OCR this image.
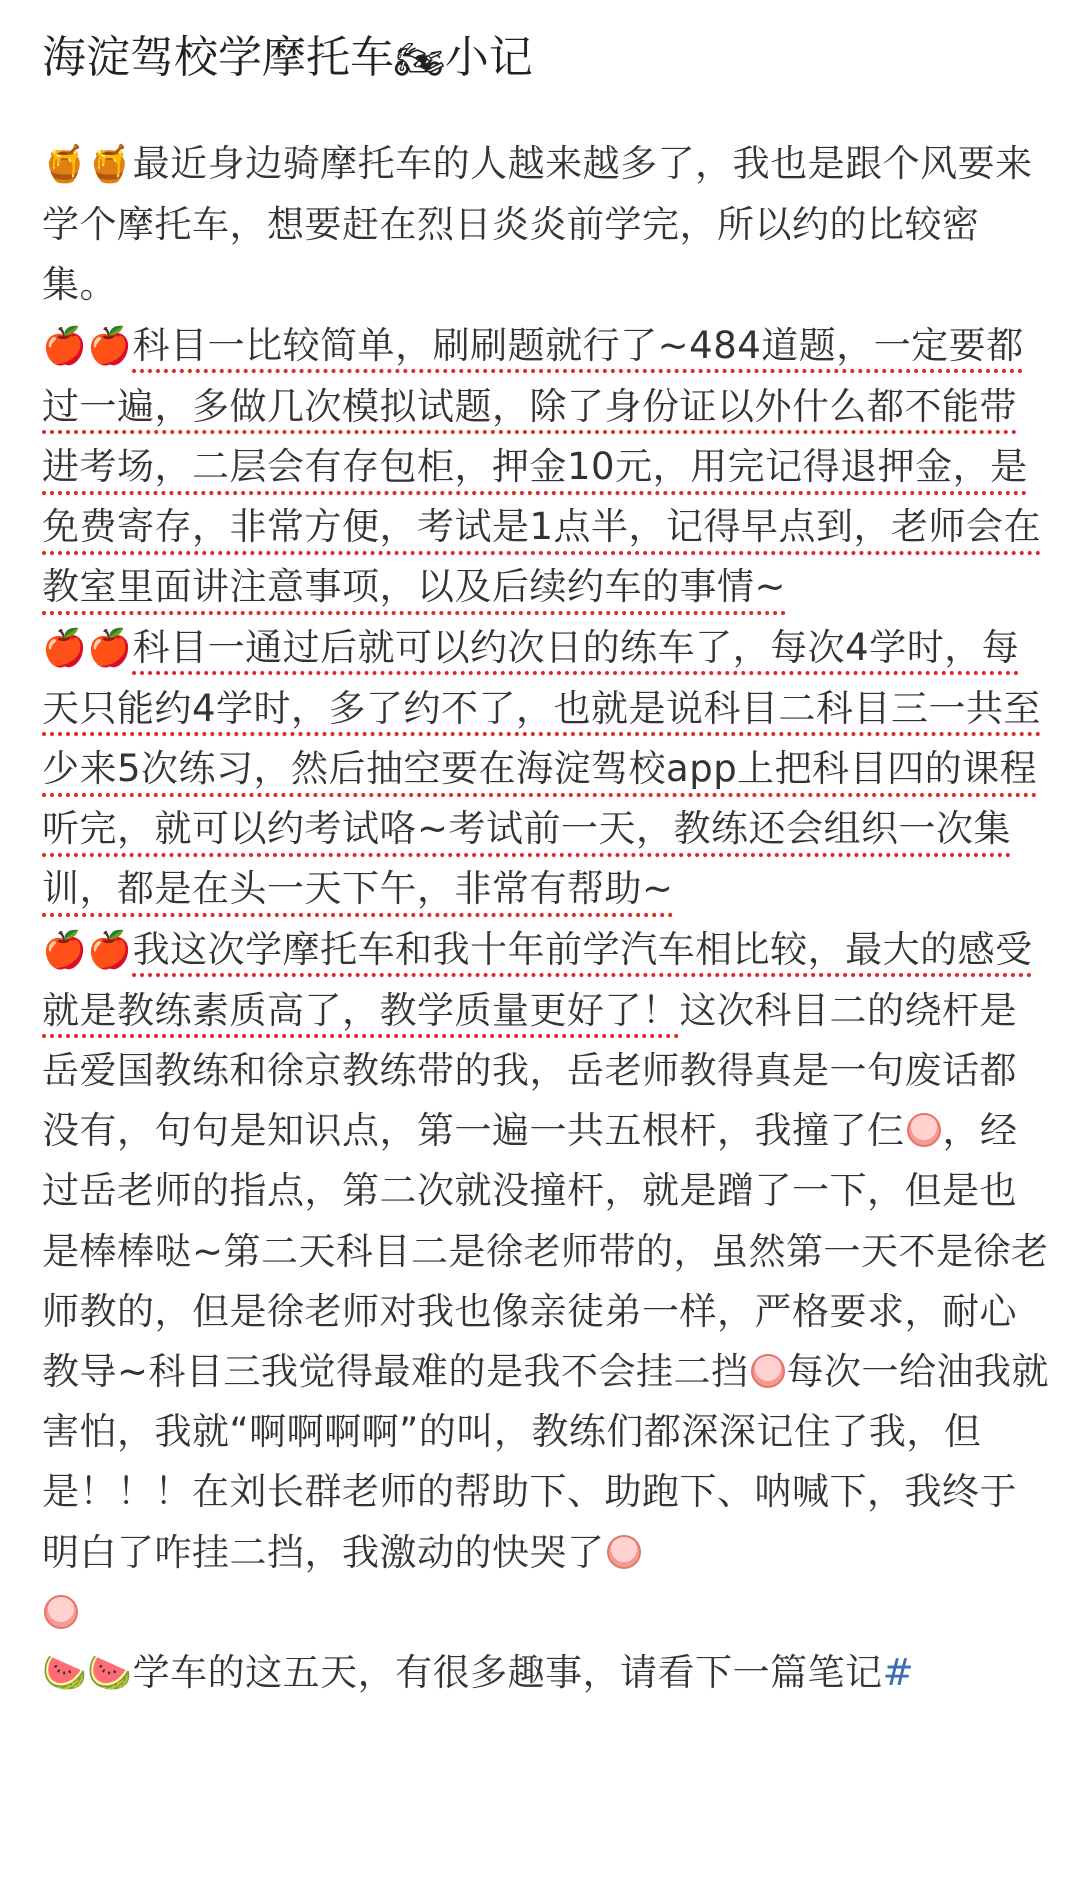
海淀驾校学摩托车🏍小记

🍯🍯最近身边骑摩托车的人越来越多了，我也是跟个风要来学个摩托车，想要赶在烈日炎炎前学完，所以约的比较密集。

🍎🍎科目一比较简单，刷刷题就行了~484道题，一定要都过一遍，多做几次模拟试题，除了身份证以外什么都不能带进考场，二层会有存包柜，押金10元，用完记得退押金，是免费寄存，非常方便，考试是1点半，记得早点到，老师会在教室里面讲注意事项，以及后续约车的事情~

🍎🍎科目一通过后就可以约次日的练车了，每次4学时，每天只能约4学时，多了约不了，也就是说科目二科目三一共至少来5次练习，然后抽空要在海淀驾校app上把科目四的课程听完，就可以约考试咯~考试前一天，教练还会组织一次集训，都是在头一天下午，非常有帮助~

🍎🍎我这次学摩托车和我十年前学汽车相比较，最大的感受就是教练素质高了，教学质量更好了！这次科目二的绕杆是岳爱国教练和徐京教练带的我，岳老师教得真是一句废话都没有，句句是知识点，第一遍一共五根杆，我撞了仨 ，经过岳老师的指点，第二次就没撞杆，就是蹭了一下，但是也是棒棒哒~第二天科目二是徐老师带的，虽然第一天不是徐老师教的，但是徐老师对我也像亲徒弟一样，严格要求，耐心教导~科目三我觉得最难的是我不会挂二挡 每次一给油我就害怕，我就“啊啊啊啊”的叫，教练们都深深记住了我，但是！！！在刘长群老师的帮助下、助跑下、呐喊下，我终于明白了咋挂二挡，我激动的快哭了

🍉🍉学车的这五天，有很多趣事，请看下一篇笔记#
